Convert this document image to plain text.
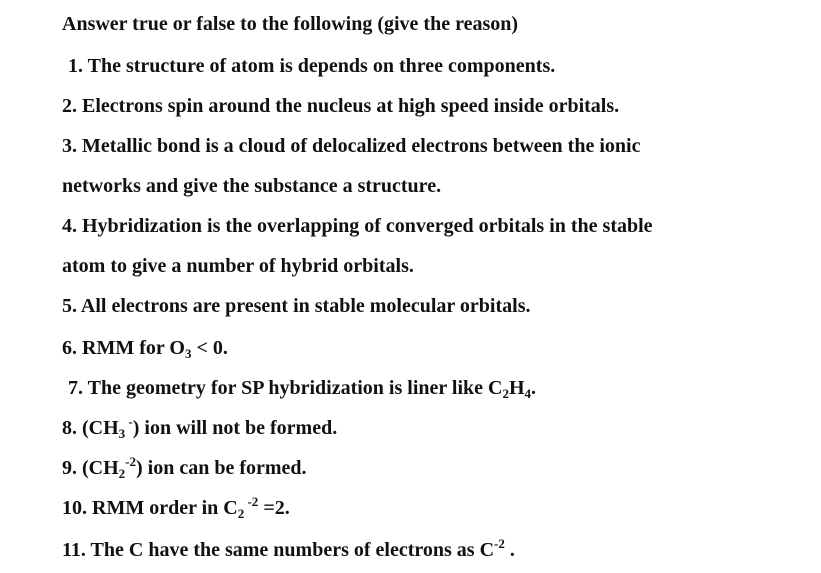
Answer true or false to the following (give the reason)
1. The structure of atom is depends on three components.
2. Electrons spin around the nucleus at high speed inside orbitals.
3. Metallic bond is a cloud of delocalized electrons between the ionic
networks and give the substance a structure.
4. Hybridization is the overlapping of converged orbitals in the stable
atom to give a number of hybrid orbitals.
5. All electrons are present in stable molecular orbitals.
6. RMM for $O_3 < 0$.
7. The geometry for SP hybridization is liner like $C_2H_4$.
8. ($CH_3$ -) ion will not be formed.
9. $(CH_2^{-2})$ ion can be formed.
10. RMM order in $C_2$ $^{-2}$ =2.
11. The C have the same numbers of electrons as $C^{-2}$ .
